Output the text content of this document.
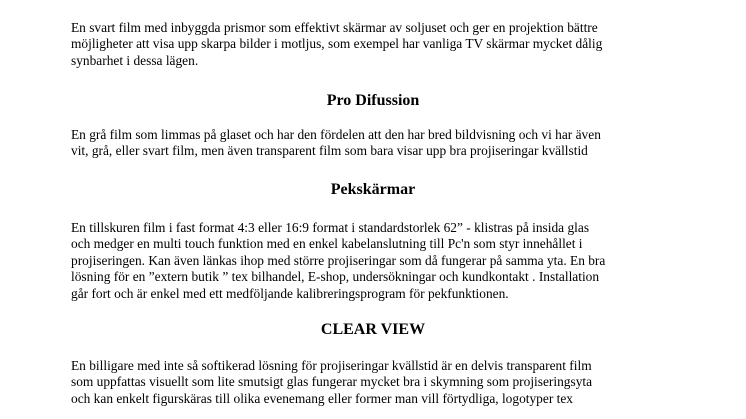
En svart film med inbyggda prismor som effektivt skärmar av soljuset och ger en projektion bättre
möjligheter att visa upp skarpa bilder i motljus, som exempel har vanliga TV skärmar mycket dålig
synbarhet i dessa lägen.

Pro Difussion

En grå film som limmas på glaset och har den fördelen att den har bred bildvisning och vi har även
vit, grå, eller svart film, men även transparent film som bara visar upp bra projiseringar kvällstid

Pekskärmar

En tillskuren film i fast format 4:3 eller 16:9 format i standardstorlek 62” - klistras på insida glas
och medger en multi touch funktion med en enkel kabelanslutning till Pc'n som styr innehållet i
projiseringen. Kan även länkas ihop med större projiseringar som då fungerar på samma yta. En bra
lösning för en ”extern butik ” tex bilhandel, E-shop, undersökningar och kundkontakt . Installation
går fort och är enkel med ett medföljande kalibreringsprogram för pekfunktionen.

CLEAR VIEW

En billigare med inte så softikerad lösning för projiseringar kvällstid är en delvis transparent film
som uppfattas visuellt som lite smutsigt glas fungerar mycket bra i skymning som projiseringsyta
och kan enkelt figurskäras till olika evenemang eller former man vill förtydliga, logotyper tex
